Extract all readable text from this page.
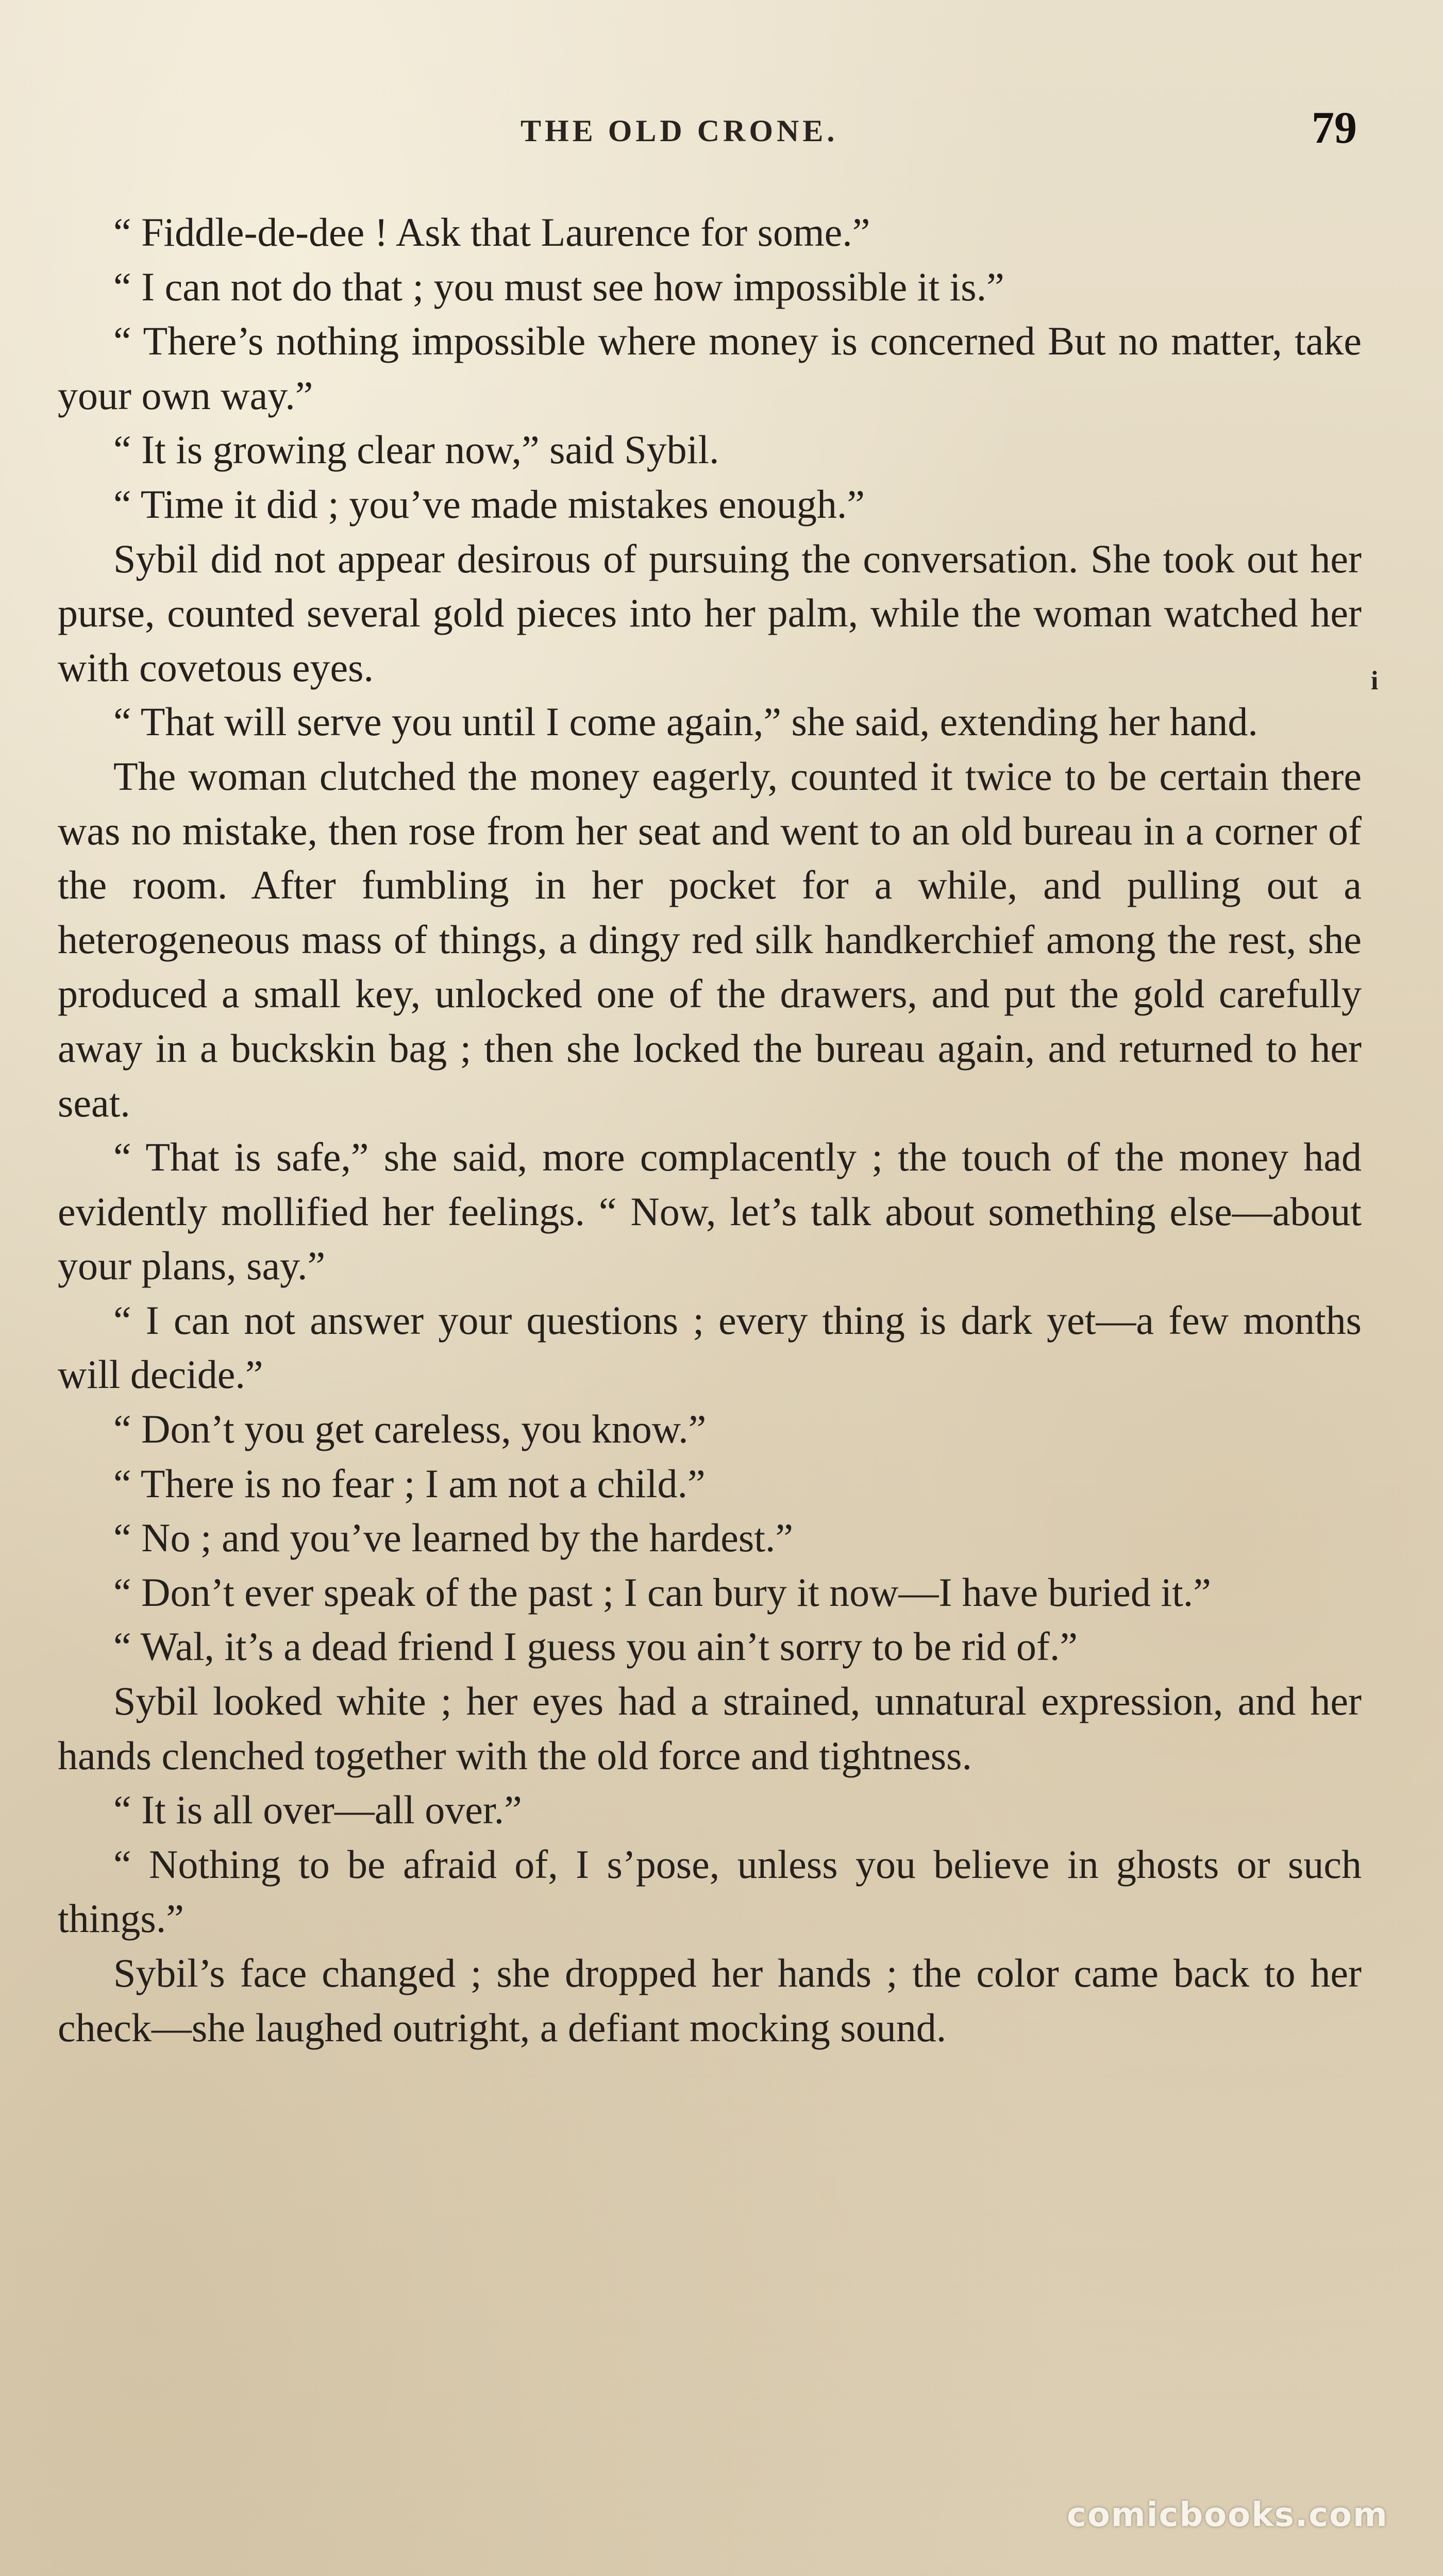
THE OLD CRONE.	79

“ Fiddle-de-dee ! Ask that Laurence for some.”

“ I can not do that ; you must see how impossible it is.”

“ There’s nothing impossible where money is concerned But no matter, take your own way.”

“ It is growing clear now,” said Sybil.

“ Time it did ; you’ve made mistakes enough.”

Sybil did not appear desirous of pursuing the conversation. She took out her purse, counted several gold pieces into her palm, while the woman watched her with covetous eyes.

“ That will serve you until I come again,” she said, extending her hand.

The woman clutched the money eagerly, counted it twice to be certain there was no mistake, then rose from her seat and went to an old bureau in a corner of the room. After fumbling in her pocket for a while, and pulling out a heterogeneous mass of things, a dingy red silk handkerchief among the rest, she produced a small key, unlocked one of the drawers, and put the gold carefully away in a buckskin bag ; then she locked the bureau again, and returned to her seat.

“ That is safe,” she said, more complacently ; the touch of the money had evidently mollified her feelings. “ Now, let’s talk about something else—about your plans, say.”

“ I can not answer your questions ; every thing is dark yet—a few months will decide.”

“ Don’t you get careless, you know.”

“ There is no fear ; I am not a child.”

“ No ; and you’ve learned by the hardest.”

“ Don’t ever speak of the past ; I can bury it now—I have buried it.”

“ Wal, it’s a dead friend I guess you ain’t sorry to be rid of.”

Sybil looked white ; her eyes had a strained, unnatural expression, and her hands clenched together with the old force and tightness.

“ It is all over—all over.”

“ Nothing to be afraid of, I s’pose, unless you believe in ghosts or such things.”

Sybil’s face changed ; she dropped her hands ; the color came back to her check—she laughed outright, a defiant mocking sound.

i
comicbooks.com
